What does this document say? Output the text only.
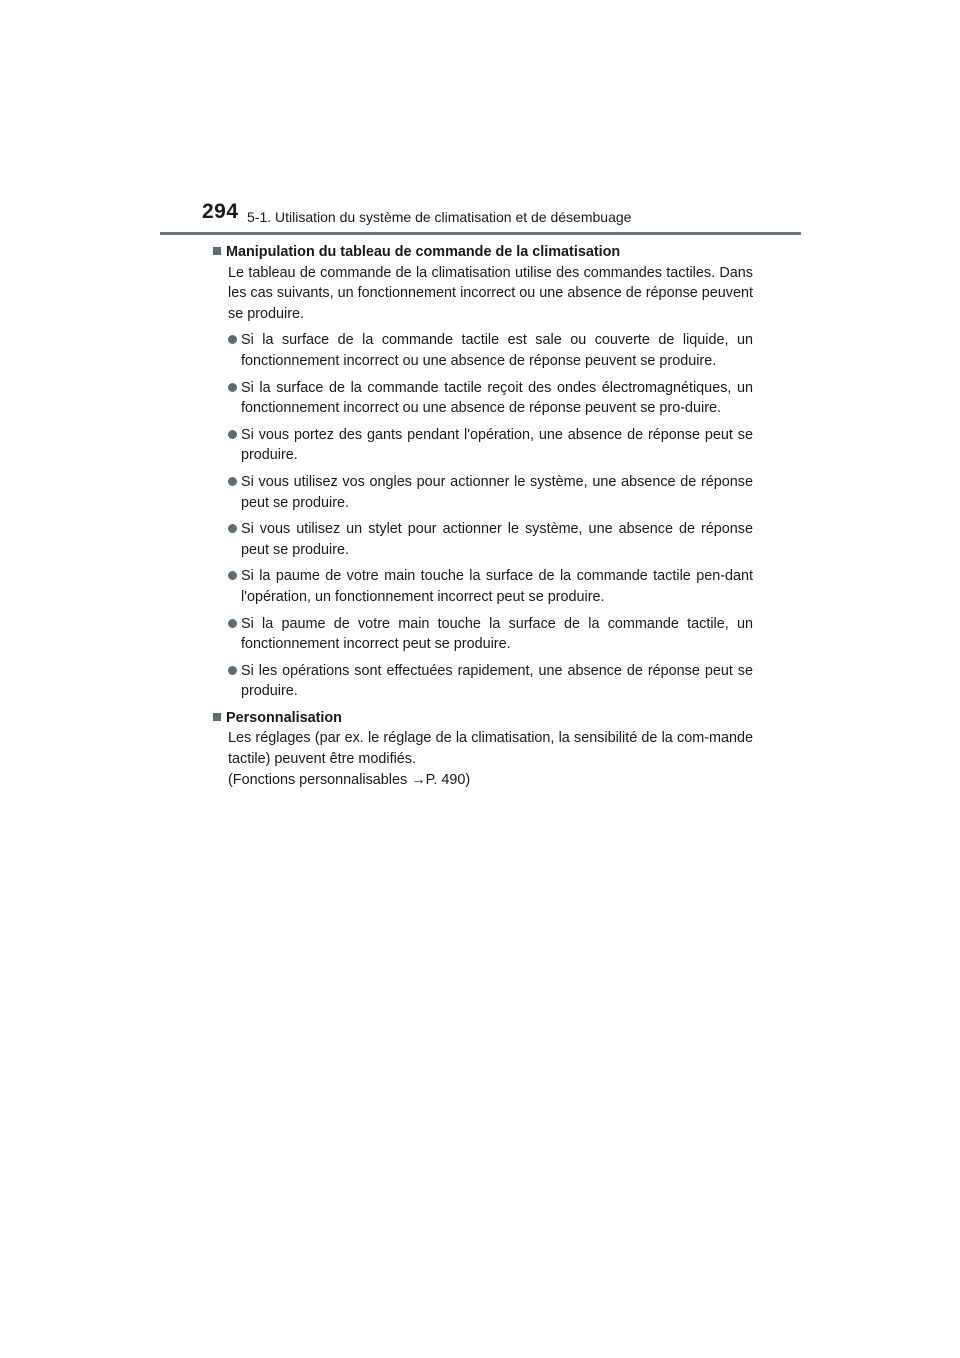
294 5-1. Utilisation du système de climatisation et de désembuage
Manipulation du tableau de commande de la climatisation

Le tableau de commande de la climatisation utilise des commandes tactiles. Dans les cas suivants, un fonctionnement incorrect ou une absence de réponse peuvent se produire.

Si la surface de la commande tactile est sale ou couverte de liquide, un fonctionnement incorrect ou une absence de réponse peuvent se produire.
Si la surface de la commande tactile reçoit des ondes électromagnétiques, un fonctionnement incorrect ou une absence de réponse peuvent se pro-duire.
Si vous portez des gants pendant l'opération, une absence de réponse peut se produire.
Si vous utilisez vos ongles pour actionner le système, une absence de réponse peut se produire.
Si vous utilisez un stylet pour actionner le système, une absence de réponse peut se produire.
Si la paume de votre main touche la surface de la commande tactile pen-dant l'opération, un fonctionnement incorrect peut se produire.
Si la paume de votre main touche la surface de la commande tactile, un fonctionnement incorrect peut se produire.
Si les opérations sont effectuées rapidement, une absence de réponse peut se produire.
Personnalisation

Les réglages (par ex. le réglage de la climatisation, la sensibilité de la com-mande tactile) peuvent être modifiés.

(Fonctions personnalisables →P. 490)
